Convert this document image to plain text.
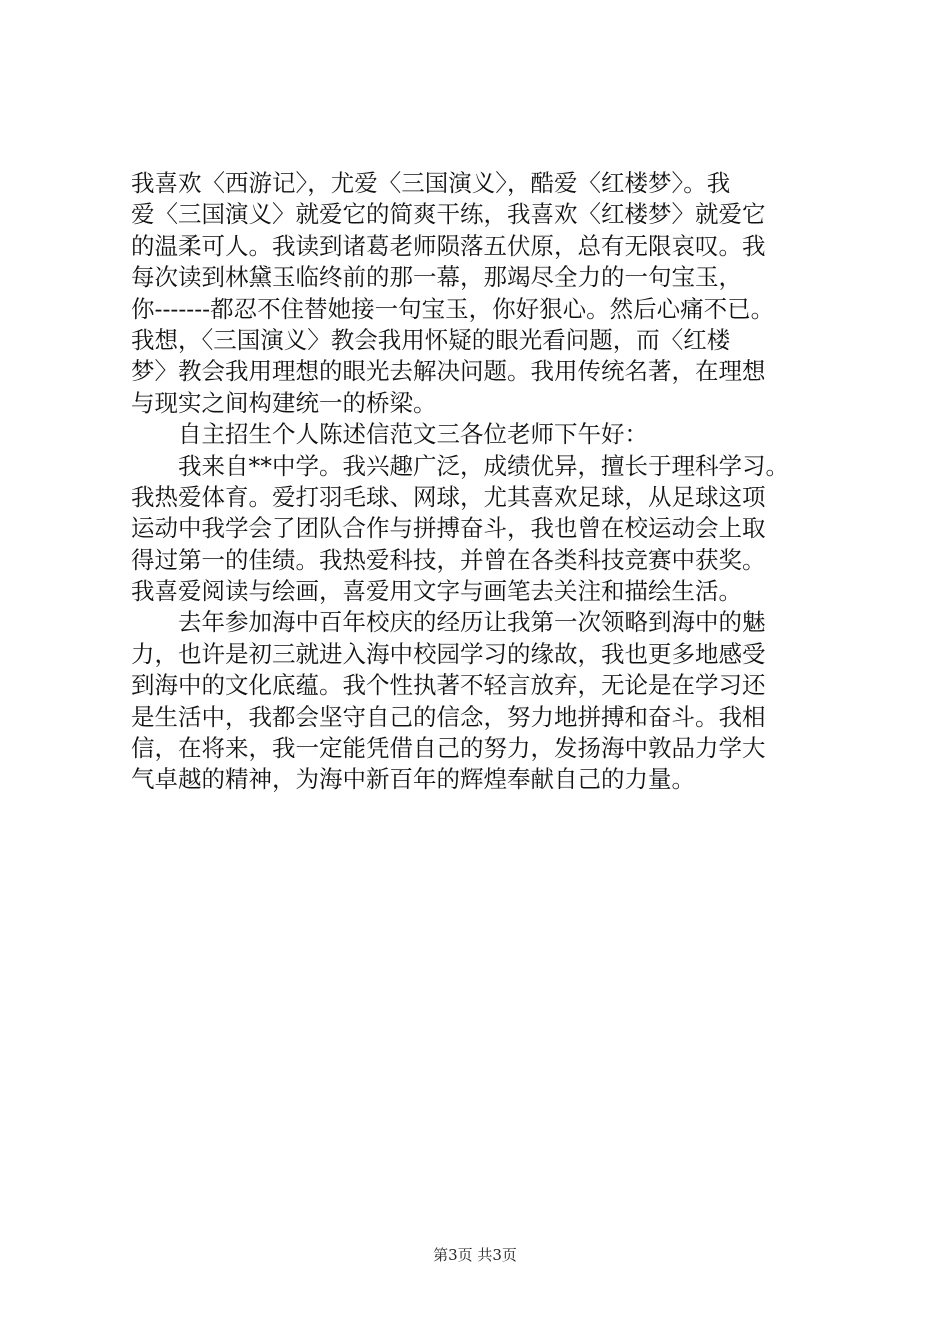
我喜欢〈西游记〉，尤爱〈三国演义〉，酷爱〈红楼梦〉。我
爱〈三国演义〉就爱它的简爽干练，我喜欢〈红楼梦〉就爱它
的温柔可人。我读到诸葛老师陨落五伏原，总有无限哀叹。我
每次读到林黛玉临终前的那一幕，那竭尽全力的一句宝玉，
你-------都忍不住替她接一句宝玉，你好狠心。然后心痛不已。
我想，〈三国演义〉教会我用怀疑的眼光看问题，而〈红楼
梦〉教会我用理想的眼光去解决问题。我用传统名著，在理想
与现实之间构建统一的桥梁。
自主招生个人陈述信范文三各位老师下午好：
我来自**中学。我兴趣广泛，成绩优异，擅长于理科学习。
我热爱体育。爱打羽毛球、网球，尤其喜欢足球，从足球这项
运动中我学会了团队合作与拼搏奋斗，我也曾在校运动会上取
得过第一的佳绩。我热爱科技，并曾在各类科技竞赛中获奖。
我喜爱阅读与绘画，喜爱用文字与画笔去关注和描绘生活。
去年参加海中百年校庆的经历让我第一次领略到海中的魅
力，也许是初三就进入海中校园学习的缘故，我也更多地感受
到海中的文化底蕴。我个性执著不轻言放弃，无论是在学习还
是生活中，我都会坚守自己的信念，努力地拼搏和奋斗。我相
信，在将来，我一定能凭借自己的努力，发扬海中敦品力学大
气卓越的精神，为海中新百年的辉煌奉献自己的力量。
第3页 共3页
